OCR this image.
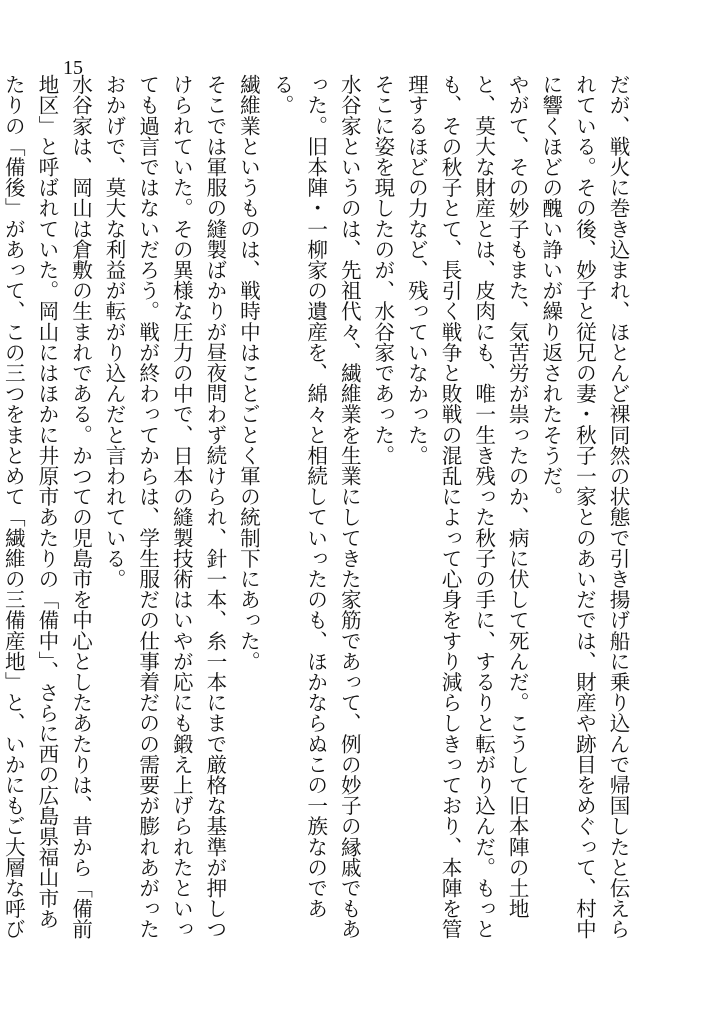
15

だが、戦火に巻き込まれ、ほとんど裸同然の状態で引き揚げ船に乗り込んで帰国したと伝えられている。その後、妙子と従兄の妻・秋子一家とのあいだでは、財産や跡目をめぐって、村中に響くほどの醜い諍いが繰り返されたそうだ。

やがて、その妙子もまた、気苦労が祟ったのか、病に伏して死んだ。こうして旧本陣の土地と、莫大な財産とは、皮肉にも、唯一生き残った秋子の手に、するりと転がり込んだ。もっとも、その秋子とて、長引く戦争と敗戦の混乱によって心身をすり減らしきっており、本陣を管理するほどの力など、残っていなかった。

そこに姿を現したのが、水谷家であった。

水谷家というのは、先祖代々、繊維業を生業にしてきた家筋であって、例の妙子の縁戚でもあった。旧本陣・一柳家の遺産を、綿々と相続していったのも、ほかならぬこの一族なのである。

繊維業というものは、戦時中はことごとく軍の統制下にあった。

そこでは軍服の縫製ばかりが昼夜問わず続けられ、針一本、糸一本にまで厳格な基準が押しつけられていた。その異様な圧力の中で、日本の縫製技術はいやが応にも鍛え上げられたといっても過言ではないだろう。戦が終わってからは、学生服だの仕事着だのの需要が膨れあがったおかげで、莫大な利益が転がり込んだと言われている。

水谷家は、岡山は倉敷の生まれである。かつての児島市を中心としたあたりは、昔から「備前地区」と呼ばれていた。岡山にはほかに井原市あたりの「備中」、さらに西の広島県福山市あたりの「備後」があって、この三つをまとめて「繊維の三備産地」と、いかにもご大層な呼び
